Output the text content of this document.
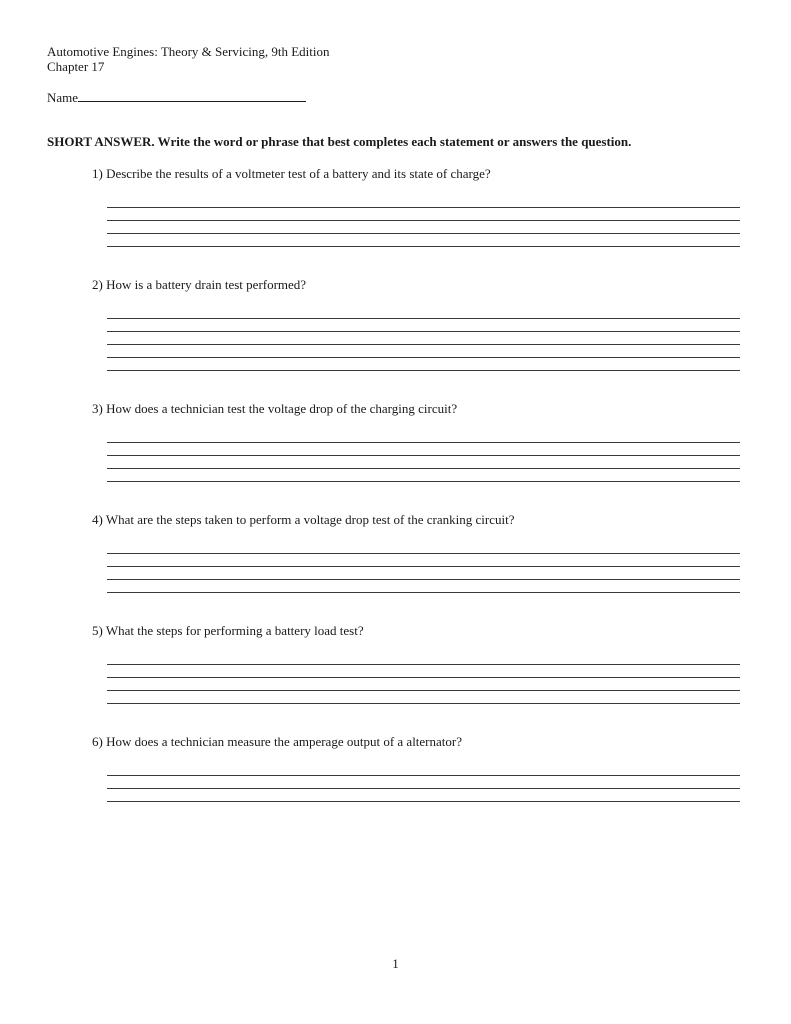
Automotive Engines: Theory & Servicing, 9th Edition
Chapter 17
Name
SHORT ANSWER. Write the word or phrase that best completes each statement or answers the question.
1) Describe the results of a voltmeter test of a battery and its state of charge?
2) How is a battery drain test performed?
3) How does a technician test the voltage drop of the charging circuit?
4) What are the steps taken to perform a voltage drop test of the cranking circuit?
5) What the steps for performing a battery load test?
6) How does a technician measure the amperage output of a alternator?
1
